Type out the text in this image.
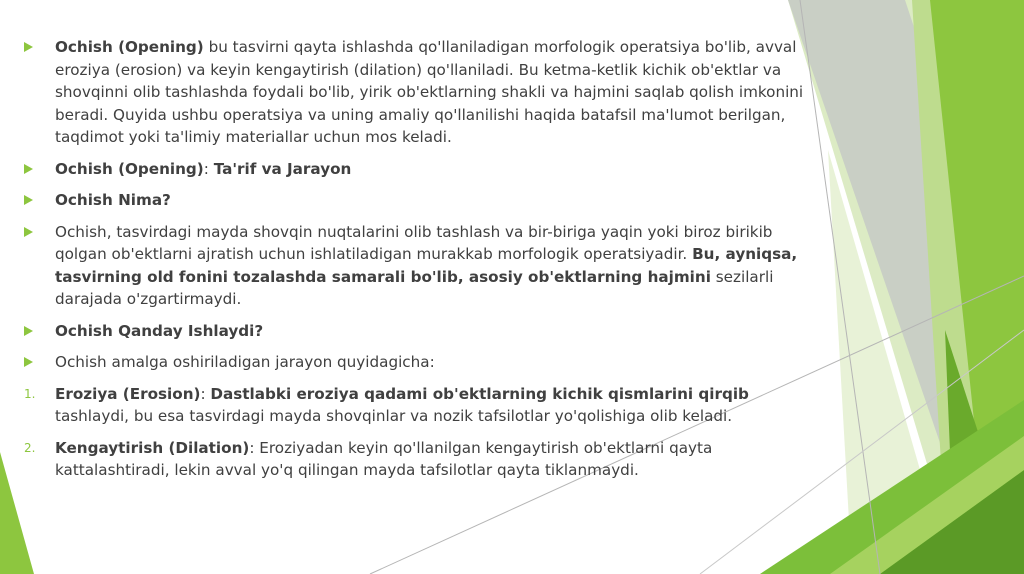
Ochish (Opening) bu tasvirni qayta ishlashda qo'llaniladigan morfologik operatsiya bo'lib, avval eroziya (erosion) va keyin kengaytirish (dilation) qo'llaniladi. Bu ketma-ketlik kichik ob'ektlar va shovqinni olib tashlashda foydali bo'lib, yirik ob'ektlarning shakli va hajmini saqlab qolish imkonini beradi. Quyida ushbu operatsiya va uning amaliy qo'llanilishi haqida batafsil ma'lumot berilgan, taqdimot yoki ta'limiy materiallar uchun mos keladi.
Ochish (Opening): Ta'rif va Jarayon
Ochish Nima?
Ochish, tasvirdagi mayda shovqin nuqtalarini olib tashlash va bir-biriga yaqin yoki biroz birikib qolgan ob'ektlarni ajratish uchun ishlatiladigan murakkab morfologik operatsiyadir. Bu, ayniqsa, tasvirning old fonini tozalashda samarali bo'lib, asosiy ob'ektlarning hajmini sezilarli darajada o'zgartirmaydi.
Ochish Qanday Ishlaydi?
Ochish amalga oshiriladigan jarayon quyidagicha:
1. Eroziya (Erosion): Dastlabki eroziya qadami ob'ektlarning kichik qismlarini qirqib tashlaydi, bu esa tasvirdagi mayda shovqinlar va nozik tafsilotlar yo'qolishiga olib keladi.
2. Kengaytirish (Dilation): Eroziyadan keyin qo'llanilgan kengaytirish ob'ektlarni qayta kattalashtiradi, lekin avval yo'q qilingan mayda tafsilotlar qayta tiklanmaydi.
